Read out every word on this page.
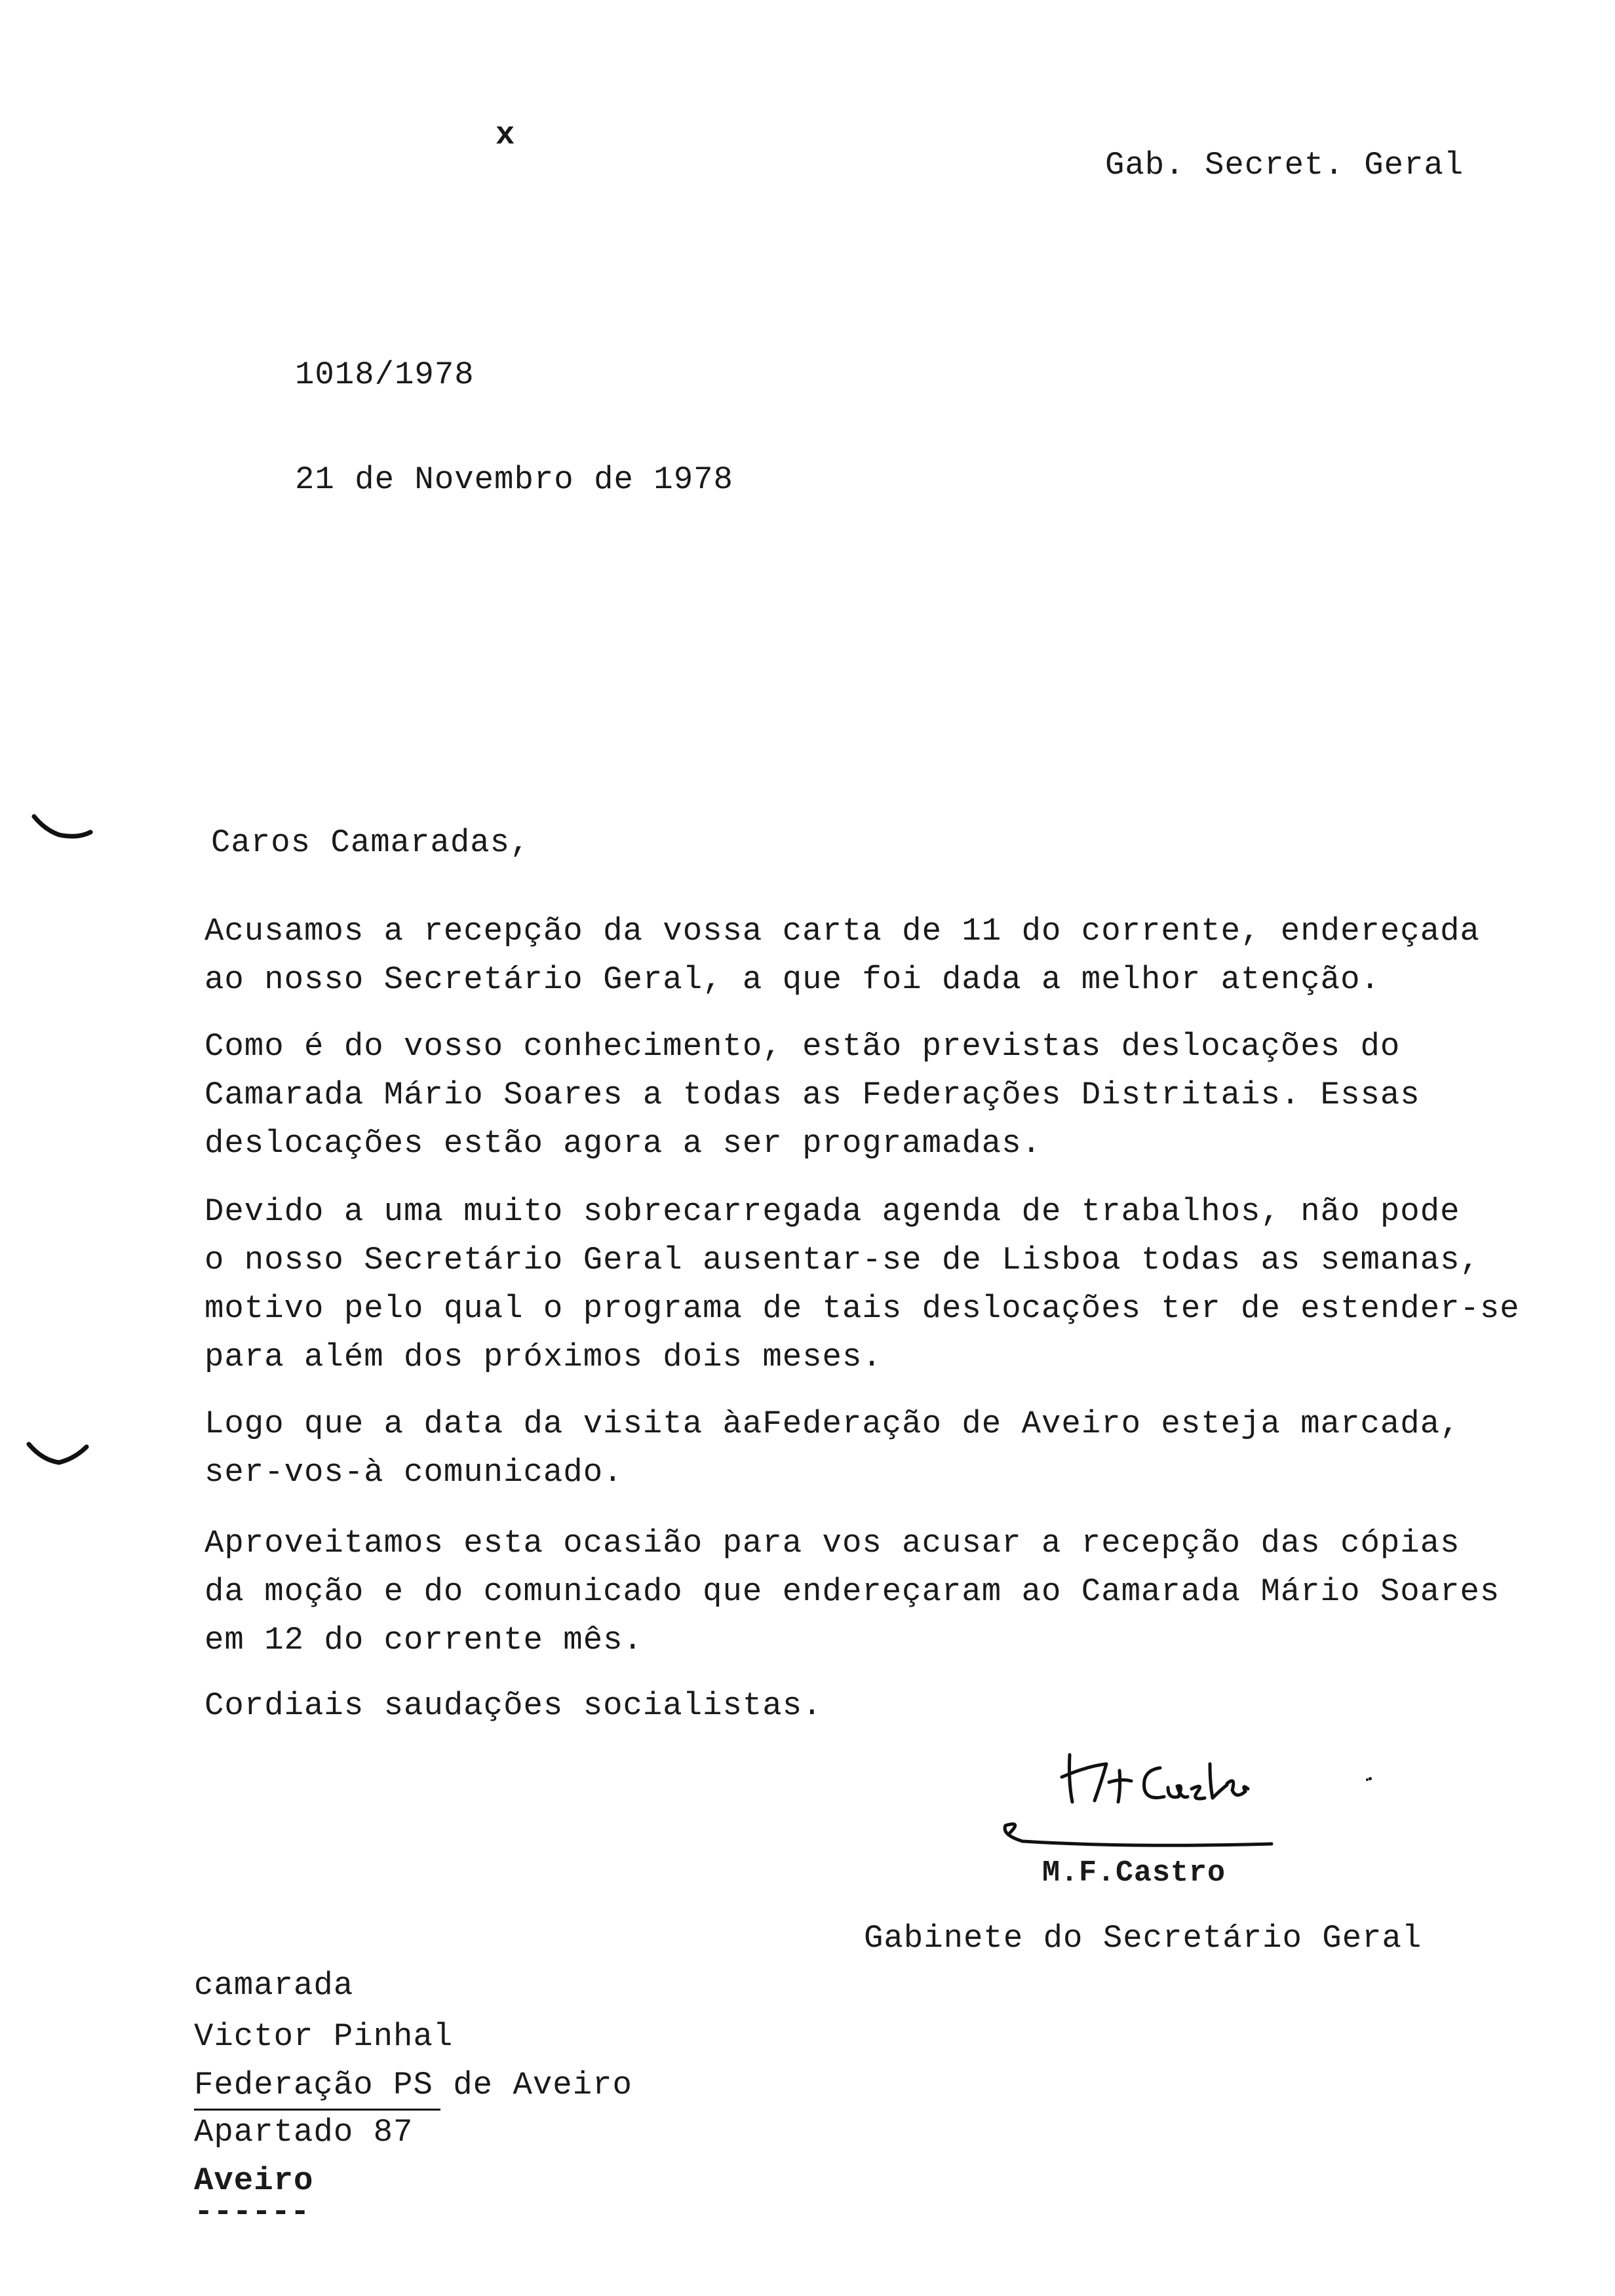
x
Gab. Secret. Geral
1018/1978
21 de Novembro de 1978
Caros Camaradas,
Acusamos a recepção da vossa carta de 11 do corrente, endereçada
ao nosso Secretário Geral, a que foi dada a melhor atenção.
Como é do vosso conhecimento, estão previstas deslocações do
Camarada Mário Soares a todas as Federações Distritais. Essas
deslocações estão agora a ser programadas.
Devido a uma muito sobrecarregada agenda de trabalhos, não pode
o nosso Secretário Geral ausentar-se de Lisboa todas as semanas,
motivo pelo qual o programa de tais deslocações ter de estender-se
para além dos próximos dois meses.
Logo que a data da visita àaFederação de Aveiro esteja marcada,
ser-vos-à comunicado.
Aproveitamos esta ocasião para vos acusar a recepção das cópias
da moção e do comunicado que endereçaram ao Camarada Mário Soares
em 12 do corrente mês.
Cordiais saudações socialistas.
M.F.Castro
Gabinete do Secretário Geral
camarada
Victor Pinhal
Federação PS de Aveiro
Apartado 87
Aveiro
------
